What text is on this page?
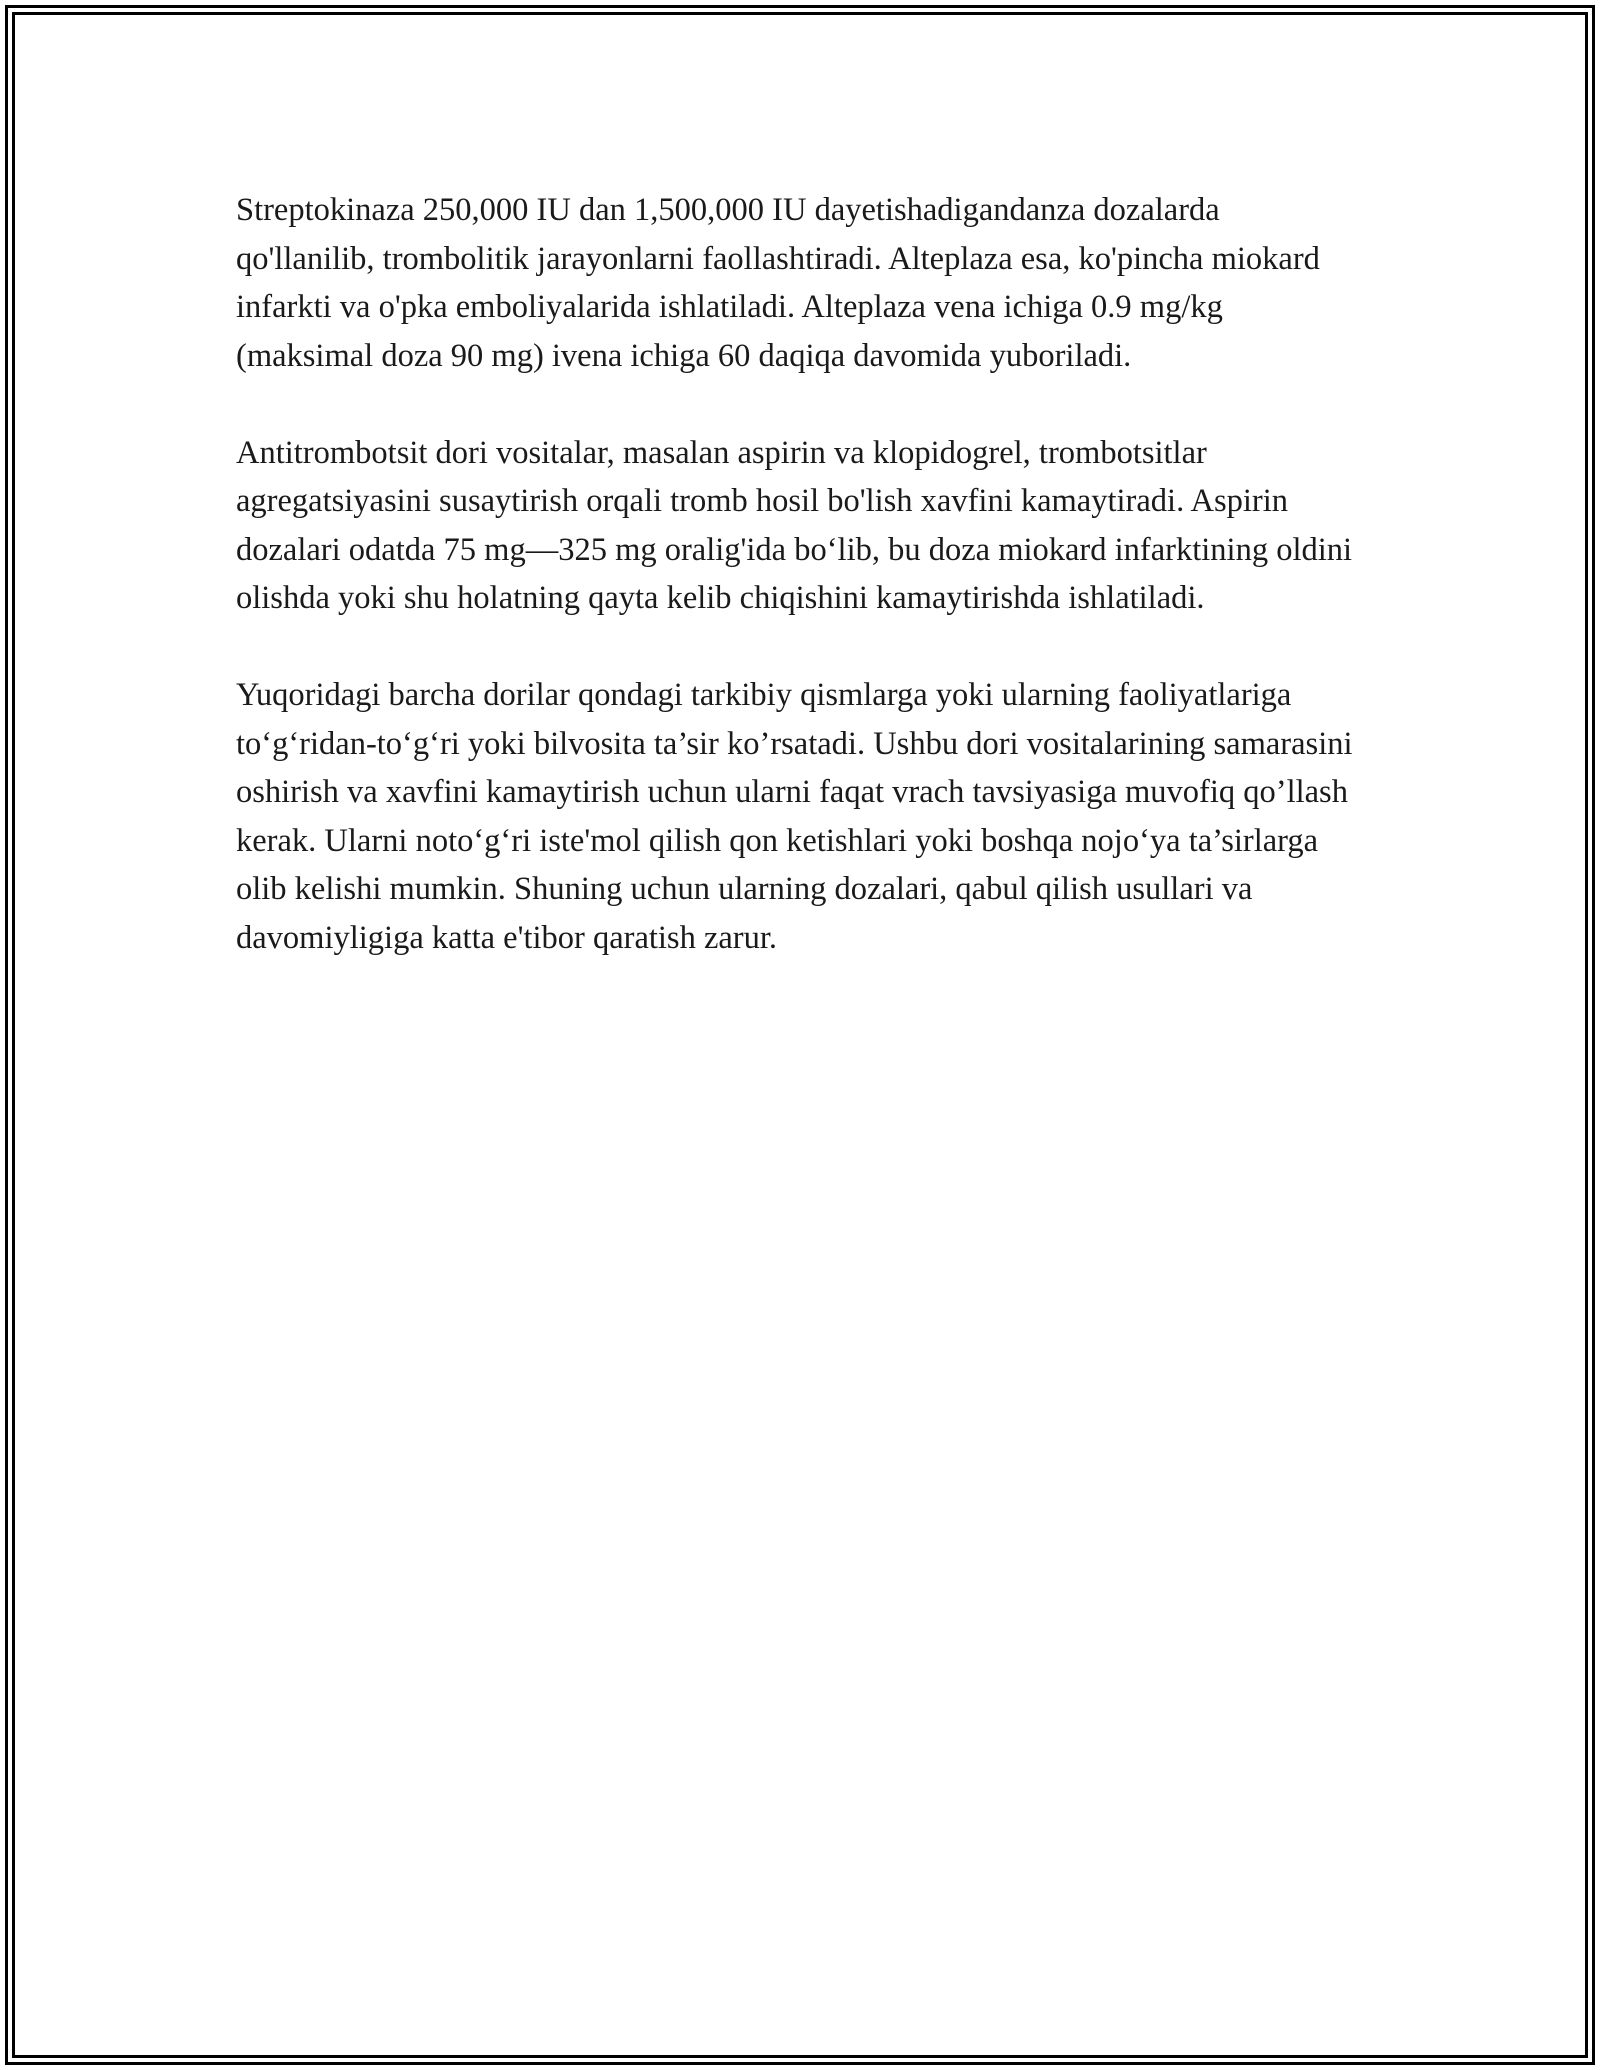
Streptokinaza 250,000 IU dan 1,500,000 IU dayetishadigandanza dozalarda qo'llanilib, trombolitik jarayonlarni faollashtiradi. Alteplaza esa, ko'pincha miokard infarkti va o'pka emboliyalarida ishlatiladi. Alteplaza vena ichiga 0.9 mg/kg (maksimal doza 90 mg) ivena ichiga 60 daqiqa davomida yuboriladi.

Antitrombotsit dori vositalar, masalan aspirin va klopidogrel, trombotsitlar agregatsiyasini susaytirish orqali tromb hosil bo'lish xavfini kamaytiradi. Aspirin dozalari odatda 75 mg—325 mg oralig'ida bo‘lib, bu doza miokard infarktining oldini olishda yoki shu holatning qayta kelib chiqishini kamaytirishda ishlatiladi.

Yuqoridagi barcha dorilar qondagi tarkibiy qismlarga yoki ularning faoliyatlariga to‘g‘ridan-to‘g‘ri yoki bilvosita ta’sir ko’rsatadi. Ushbu dori vositalarining samarasini oshirish va xavfini kamaytirish uchun ularni faqat vrach tavsiyasiga muvofiq qo’llash kerak. Ularni noto‘g‘ri iste'mol qilish qon ketishlari yoki boshqa nojo‘ya ta’sirlarga olib kelishi mumkin. Shuning uchun ularning dozalari, qabul qilish usullari va davomiyligiga katta e'tibor qaratish zarur.
